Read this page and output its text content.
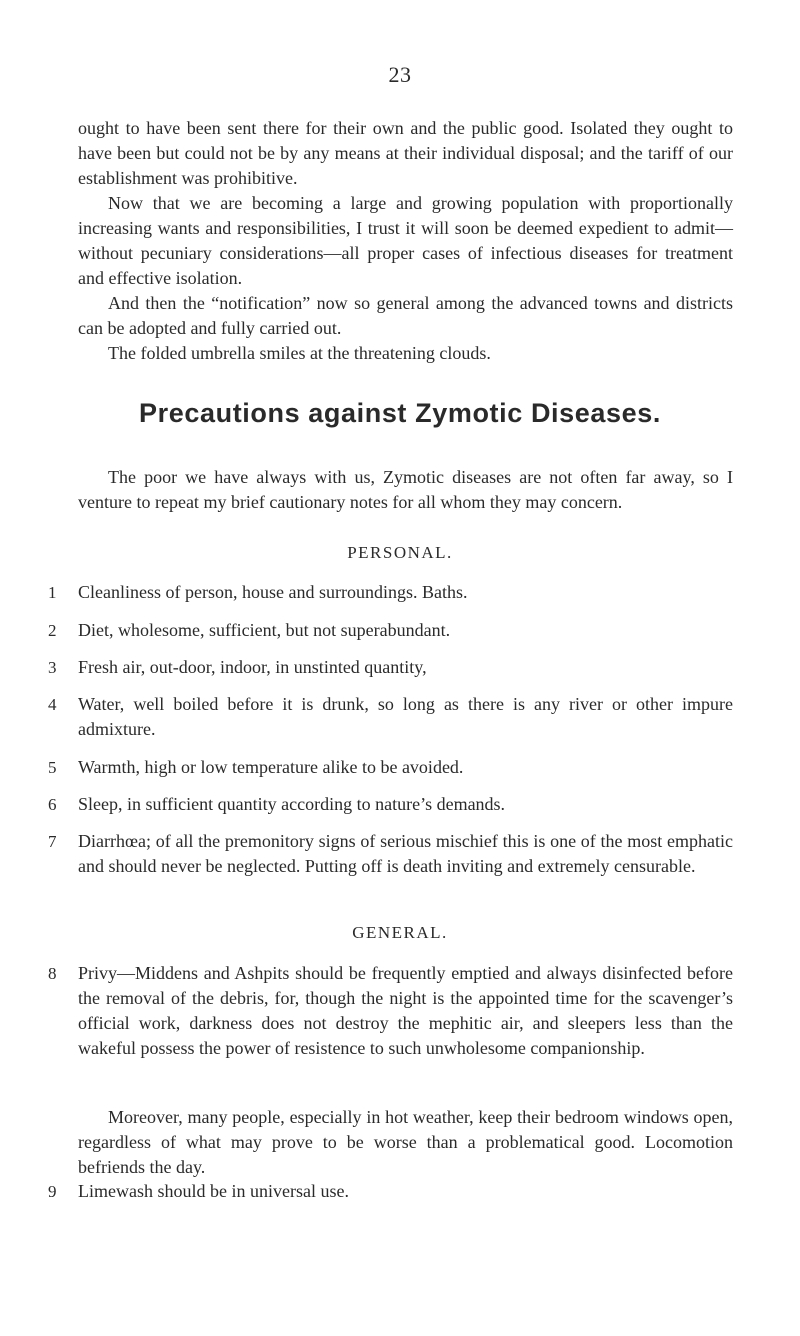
23

ought to have been sent there for their own and the public good. Isolated they ought to have been but could not be by any means at their individual disposal; and the tariff of our establishment was prohibitive.

Now that we are becoming a large and growing population with proportionally increasing wants and responsibilities, I trust it will soon be deemed expedient to admit—without pecuniary considerations—all proper cases of infectious diseases for treatment and effective isolation.

And then the “notification” now so general among the advanced towns and districts can be adopted and fully carried out.

The folded umbrella smiles at the threatening clouds.

Precautions against Zymotic Diseases.

The poor we have always with us, Zymotic diseases are not often far away, so I venture to repeat my brief cautionary notes for all whom they may concern.

PERSONAL.
1	Cleanliness of person, house and surroundings. Baths.

2	Diet, wholesome, sufficient, but not superabundant.

3	Fresh air, out-door, indoor, in unstinted quantity,

4	Water, well boiled before it is drunk, so long as there is any river or other impure admixture.

5	Warmth, high or low temperature alike to be avoided.

6	Sleep, in sufficient quantity according to nature’s demands.

7	Diarrhœa; of all the premonitory signs of serious mischief this is one of the most emphatic and should never be neglected. Putting off is death inviting and extremely censurable.

GENERAL.
8	Privy—Middens and Ashpits should be frequently emptied and always disinfected before the removal of the debris, for, though the night is the appointed time for the scavenger’s official work, darkness does not destroy the mephitic air, and sleepers less than the wakeful possess the power of resistence to such unwholesome companionship.

Moreover, many people, especially in hot weather, keep their bedroom windows open, regardless of what may prove to be worse than a problematical good. Locomotion befriends the day.

9	Limewash should be in universal use.
